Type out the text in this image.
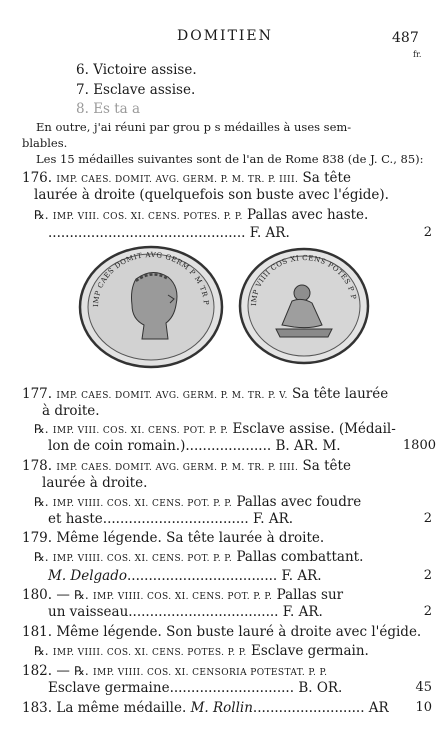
DOMITIEN	487
fr.
6. Victoire assise.
7. Esclave assise.
8. Es ta a
En outre, j'ai réuni par grou p s médailles à uses sem-
blables.
Les 15 médailles suivantes sont de l'an de Rome 838 (de J. C., 85):
176. IMP. CAES. DOMIT. AVG. GERM. P. M. TR. P. IIII. Sa tête
laurée à droite (quelquefois son buste avec l'égide).
℞. IMP. VIII. COS. XI. CENS. POTES. P. P. Pallas avec haste.
.............................................. F. AR.	2
IMP CAES DOMIT AVG GERM P M TR P	IMP VIIII COS XI CENS POTES P P
177. IMP. CAES. DOMIT. AVG. GERM. P. M. TR. P. V. Sa tête laurée
à droite.
℞. IMP. VIII. COS. XI. CENS. POT. P. P. Esclave assise. (Médail-
lon de coin romain.).................... B. AR. M.	1800
178. IMP. CAES. DOMIT. AVG. GERM. P. M. TR. P. IIII. Sa tête
laurée à droite.
℞. IMP. VIIII. COS. XI. CENS. POT. P. P. Pallas avec foudre
et haste.................................. F. AR.	2
179. Même légende. Sa tête laurée à droite.
℞. IMP. VIIII. COS. XI. CENS. POT. P. P. Pallas combattant.
M. Delgado................................... F. AR.	2
180. — ℞. IMP. VIIII. COS. XI. CENS. POT. P. P. Pallas sur
un vaisseau................................... F. AR.	2
181. Même légende. Son buste lauré à droite avec l'égide.
℞. IMP. VIIII. COS. XI. CENS. POTES. P. P. Esclave germain.
182. — ℞. IMP. VIIII. COS. XI. CENSORIA POTESTAT. P. P.
Esclave germaine............................. B. OR.	45
183. La même médaille. M. Rollin.......................... AR 10
